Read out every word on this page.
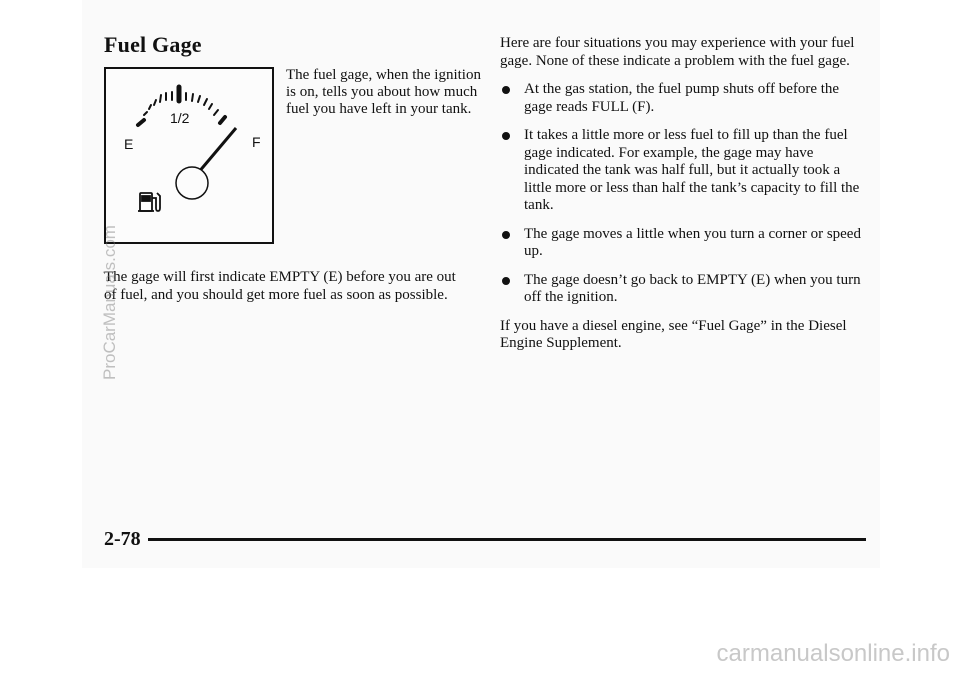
Fuel Gage
1/2
E	F
The fuel gage, when the ignition is on, tells you about how much fuel you have left in your tank.
The gage will first indicate EMPTY (E) before you are out of fuel, and you should get more fuel as soon as possible.

Here are four situations you may experience with your fuel gage. None of these indicate a problem with the fuel gage.

At the gas station, the fuel pump shuts off before the gage reads FULL (F).
It takes a little more or less fuel to fill up than the fuel gage indicated. For example, the gage may have indicated the tank was half full, but it actually took a little more or less than half the tank’s capacity to fill the tank.
The gage moves a little when you turn a corner or speed up.
The gage doesn’t go back to EMPTY (E) when you turn off the ignition.

If you have a diesel engine, see “Fuel Gage” in the Diesel Engine Supplement.

2-78
ProCarManuals.com
carmanualsonline.info
